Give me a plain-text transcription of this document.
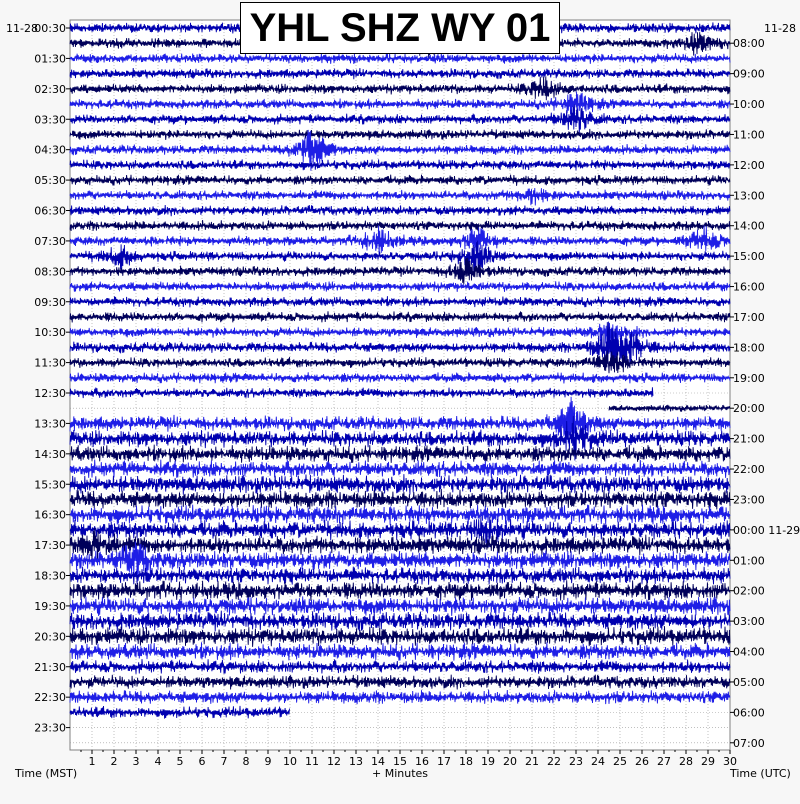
00:30
01:30
02:30
03:30
04:30
05:30
06:30
07:30
08:30
09:30
10:30
11:30
12:30
13:30
14:30
15:30
16:30
17:30
18:30
19:30
20:30
21:30
22:30
23:30
08:00
09:00
10:00
11:00
12:00
13:00
14:00
15:00
16:00
17:00
18:00
19:00
20:00
21:00
22:00
23:00
00:00 11-29
01:00
02:00
03:00
04:00
05:00
06:00
07:00
1 2 3 4 5 6 7 8 9 10 11 12 13 14 15 16 17 18 19 20 21 22 23 24 25 26 27 28 29 30
11-28	11-28
Time (MST)	Time (UTC)
+ Minutes
YHL SHZ WY 01
